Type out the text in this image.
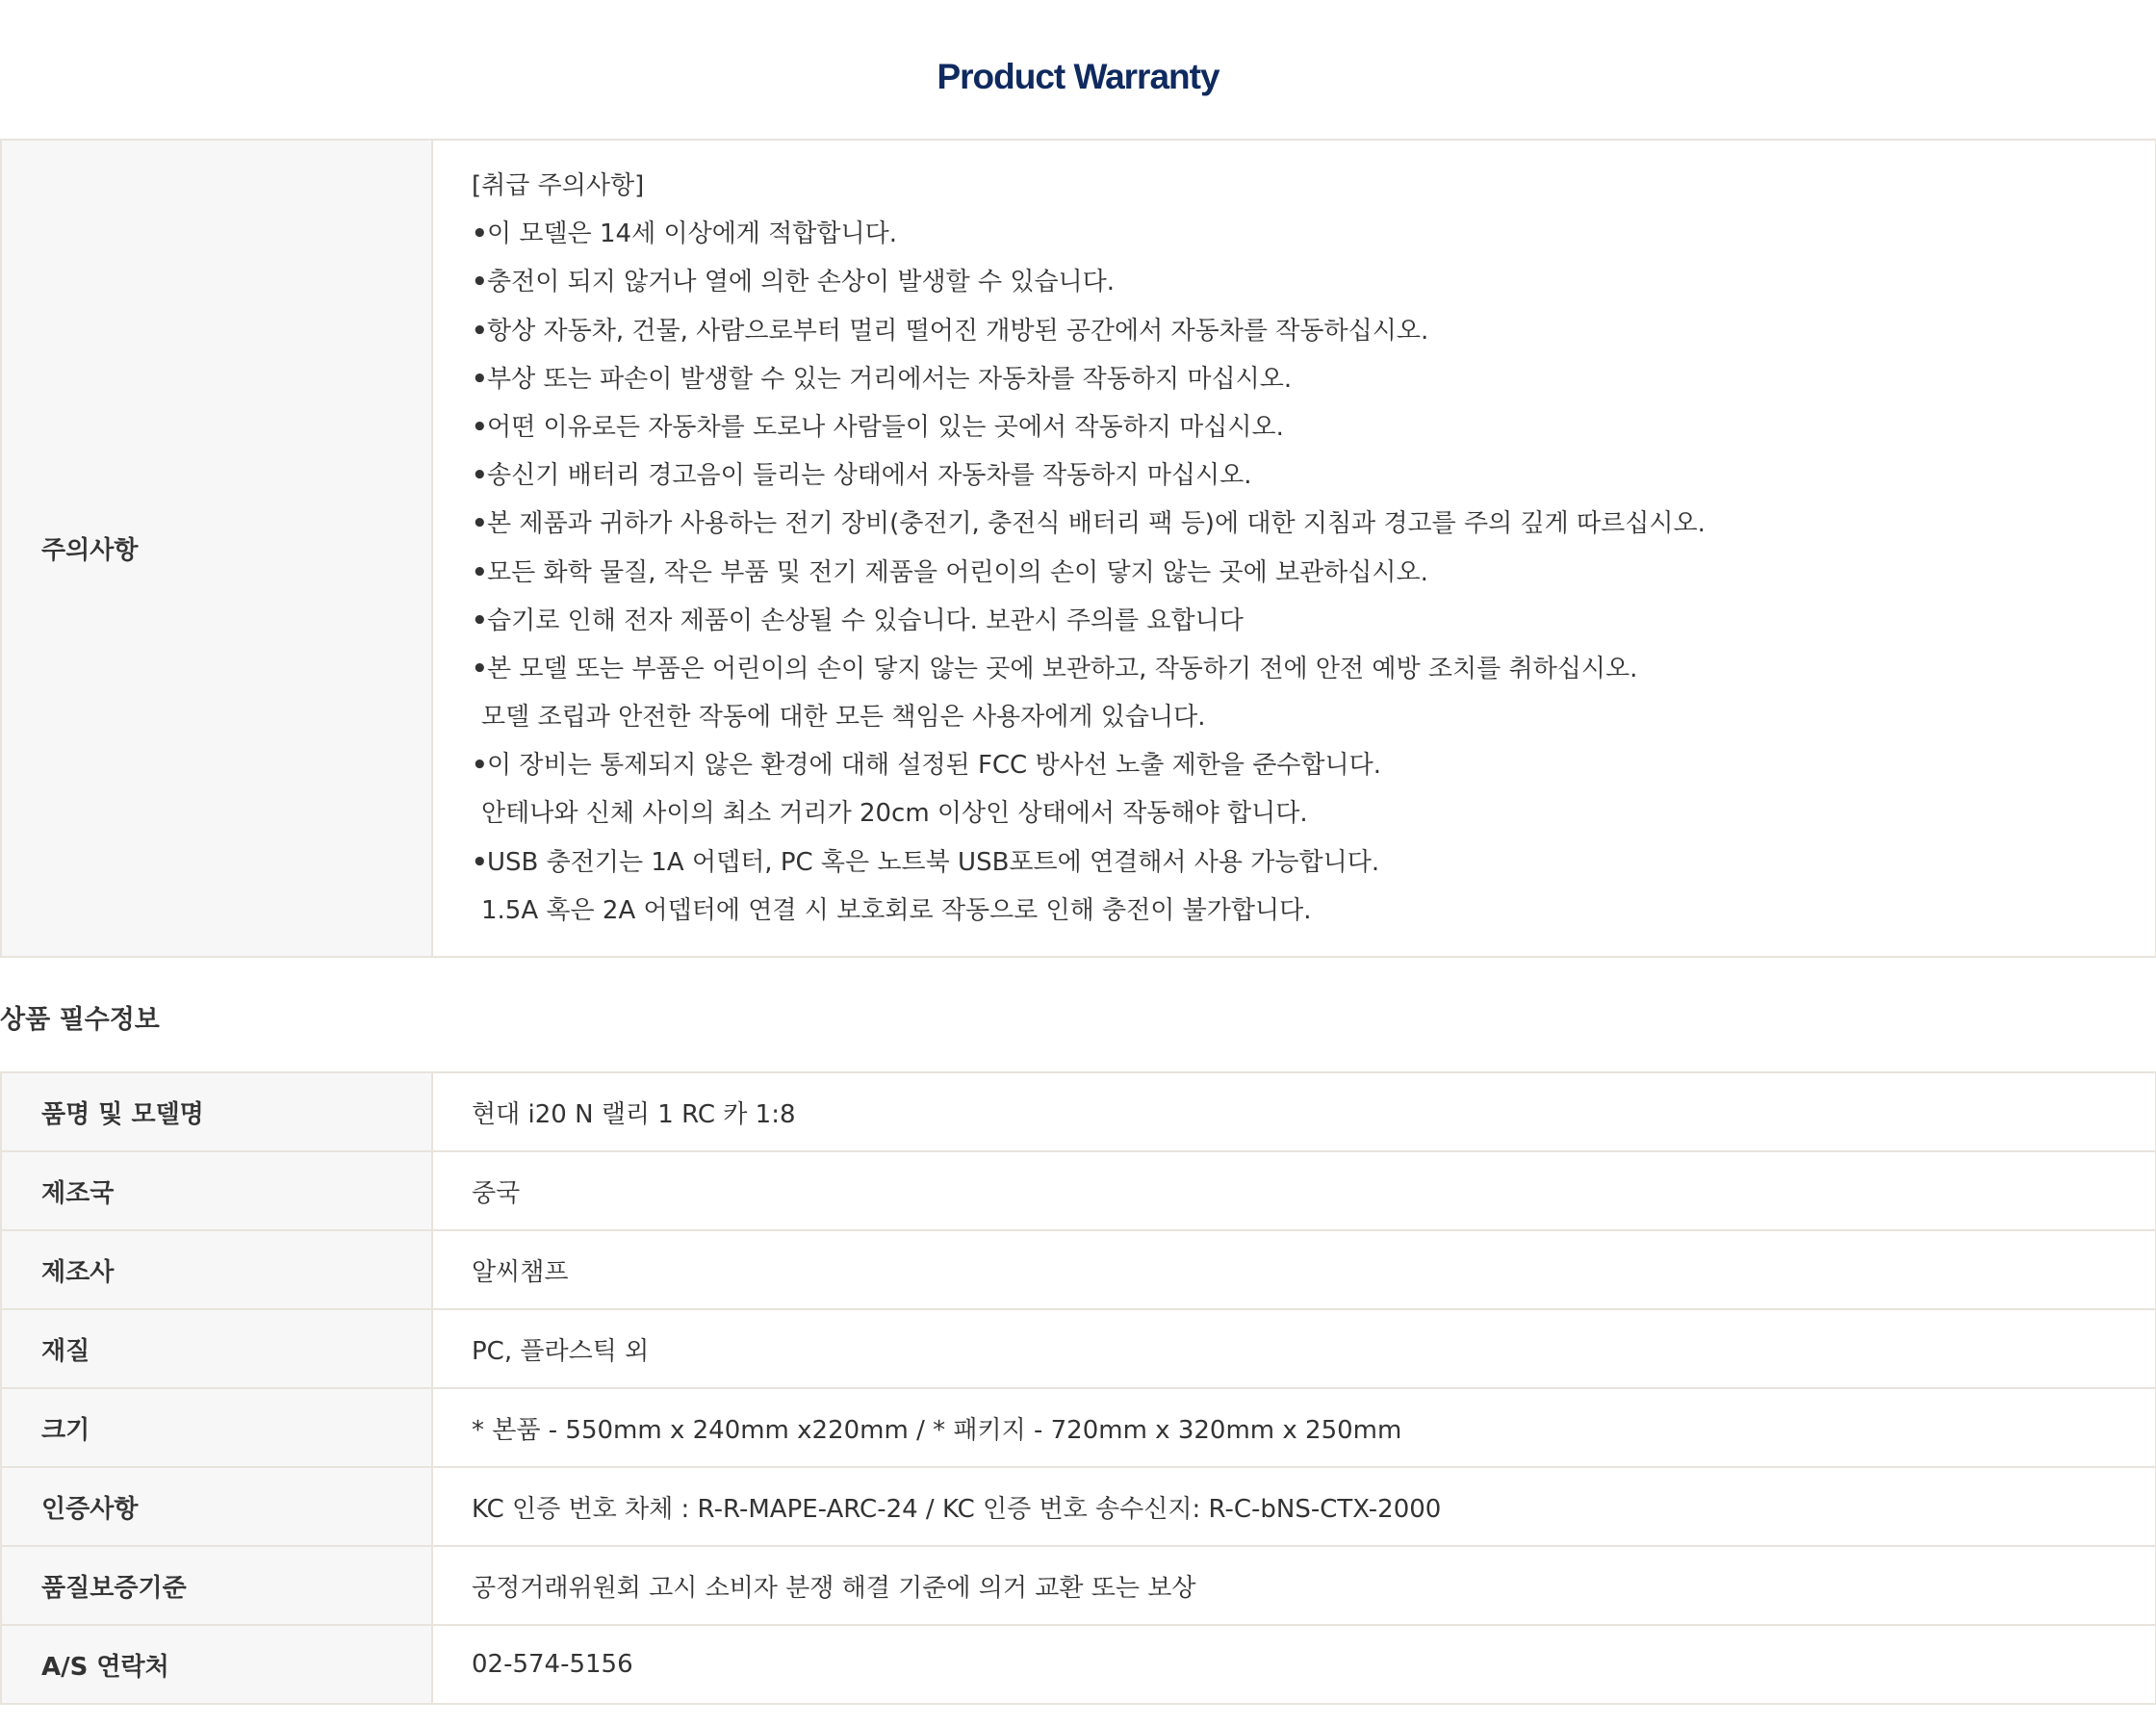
Product Warranty
주의사항	
[취급 주의사항]
•이 모델은 14세 이상에게 적합합니다.
•충전이 되지 않거나 열에 의한 손상이 발생할 수 있습니다.
•항상 자동차, 건물, 사람으로부터 멀리 떨어진 개방된 공간에서 자동차를 작동하십시오.
•부상 또는 파손이 발생할 수 있는 거리에서는 자동차를 작동하지 마십시오.
•어떤 이유로든 자동차를 도로나 사람들이 있는 곳에서 작동하지 마십시오.
•송신기 배터리 경고음이 들리는 상태에서 자동차를 작동하지 마십시오.
•본 제품과 귀하가 사용하는 전기 장비(충전기, 충전식 배터리 팩 등)에 대한 지침과 경고를 주의 깊게 따르십시오.
•모든 화학 물질, 작은 부품 및 전기 제품을 어린이의 손이 닿지 않는 곳에 보관하십시오.
•습기로 인해 전자 제품이 손상될 수 있습니다. 보관시 주의를 요합니다
•본 모델 또는 부품은 어린이의 손이 닿지 않는 곳에 보관하고, 작동하기 전에 안전 예방 조치를 취하십시오.
모델 조립과 안전한 작동에 대한 모든 책임은 사용자에게 있습니다.
•이 장비는 통제되지 않은 환경에 대해 설정된 FCC 방사선 노출 제한을 준수합니다.
안테나와 신체 사이의 최소 거리가 20cm 이상인 상태에서 작동해야 합니다.
•USB 충전기는 1A 어뎁터, PC 혹은 노트북 USB포트에 연결해서 사용 가능합니다.
1.5A 혹은 2A 어뎁터에 연결 시 보호회로 작동으로 인해 충전이 불가합니다.
상품 필수정보
품명 및 모델명	현대 i20 N 랠리 1 RC 카 1:8
제조국	중국
제조사	알씨챔프
재질	PC, 플라스틱 외
크기	* 본품 - 550mm x 240mm x220mm / * 패키지 - 720mm x 320mm x 250mm
인증사항	KC 인증 번호 차체 : R-R-MAPE-ARC-24 / KC 인증 번호 송수신지: R-C-bNS-CTX-2000
품질보증기준	공정거래위원회 고시 소비자 분쟁 해결 기준에 의거 교환 또는 보상
A/S 연락처	02-574-5156
